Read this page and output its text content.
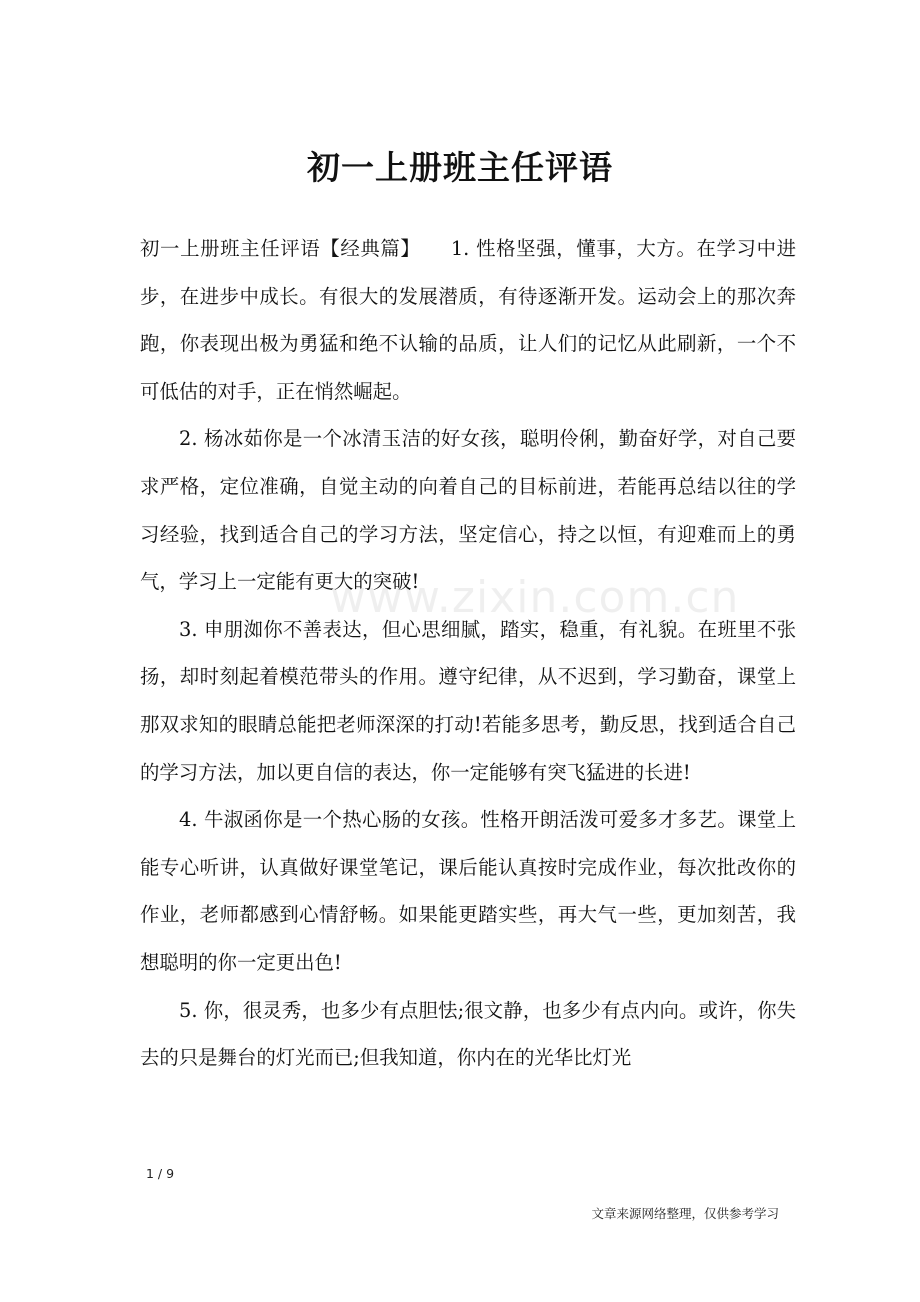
初一上册班主任评语
www.zixin.com.cn

初一上册班主任评语【经典篇】　　1. 性格坚强，懂事，大方。在学习中进步，在进步中成长。有很大的发展潜质，有待逐渐开发。运动会上的那次奔跑，你表现出极为勇猛和绝不认输的品质，让人们的记忆从此刷新，一个不可低估的对手，正在悄然崛起。

2. 杨冰茹你是一个冰清玉洁的好女孩，聪明伶俐，勤奋好学，对自己要求严格，定位准确，自觉主动的向着自己的目标前进，若能再总结以往的学习经验，找到适合自己的学习方法，坚定信心，持之以恒，有迎难而上的勇气，学习上一定能有更大的突破!

3. 申朋洳你不善表达，但心思细腻，踏实，稳重，有礼貌。在班里不张扬，却时刻起着模范带头的作用。遵守纪律，从不迟到，学习勤奋，课堂上那双求知的眼睛总能把老师深深的打动!若能多思考，勤反思，找到适合自己的学习方法，加以更自信的表达，你一定能够有突飞猛进的长进!

4. 牛淑函你是一个热心肠的女孩。性格开朗活泼可爱多才多艺。课堂上能专心听讲，认真做好课堂笔记，课后能认真按时完成作业，每次批改你的作业，老师都感到心情舒畅。如果能更踏实些，再大气一些，更加刻苦，我想聪明的你一定更出色!

5. 你，很灵秀，也多少有点胆怯;很文静，也多少有点内向。或许，你失去的只是舞台的灯光而已;但我知道，你内在的光华比灯光

1 / 9
文章来源网络整理，仅供参考学习
